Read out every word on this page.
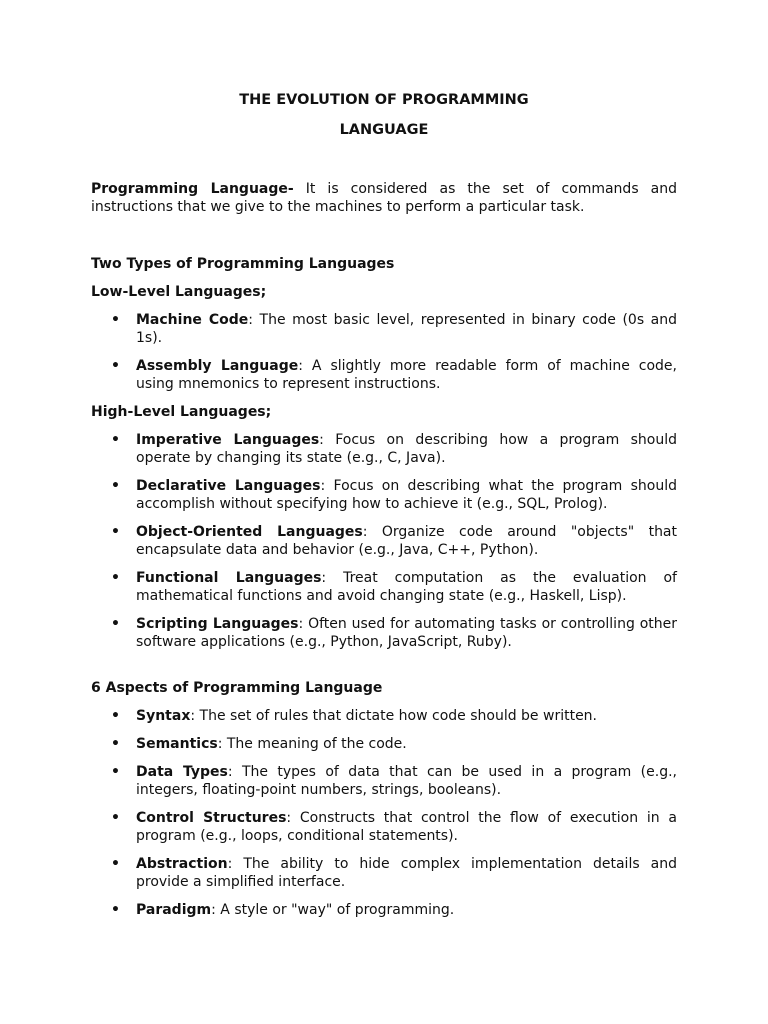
THE EVOLUTION OF PROGRAMMING

LANGUAGE

Programming Language- It is considered as the set of commands and instructions that we give to the machines to perform a particular task.

Two Types of Programming Languages

Low-Level Languages;

• Machine Code: The most basic level, represented in binary code (0s and 1s).
• Assembly Language: A slightly more readable form of machine code, using mnemonics to represent instructions.

High-Level Languages;

• Imperative Languages: Focus on describing how a program should operate by changing its state (e.g., C, Java).
• Declarative Languages: Focus on describing what the program should accomplish without specifying how to achieve it (e.g., SQL, Prolog).
• Object-Oriented Languages: Organize code around "objects" that encapsulate data and behavior (e.g., Java, C++, Python).
• Functional Languages: Treat computation as the evaluation of mathematical functions and avoid changing state (e.g., Haskell, Lisp).
• Scripting Languages: Often used for automating tasks or controlling other software applications (e.g., Python, JavaScript, Ruby).

6 Aspects of Programming Language

• Syntax: The set of rules that dictate how code should be written.
• Semantics: The meaning of the code.
• Data Types: The types of data that can be used in a program (e.g., integers, floating-point numbers, strings, booleans).
• Control Structures: Constructs that control the flow of execution in a program (e.g., loops, conditional statements).
• Abstraction: The ability to hide complex implementation details and provide a simplified interface.
• Paradigm: A style or "way" of programming.
